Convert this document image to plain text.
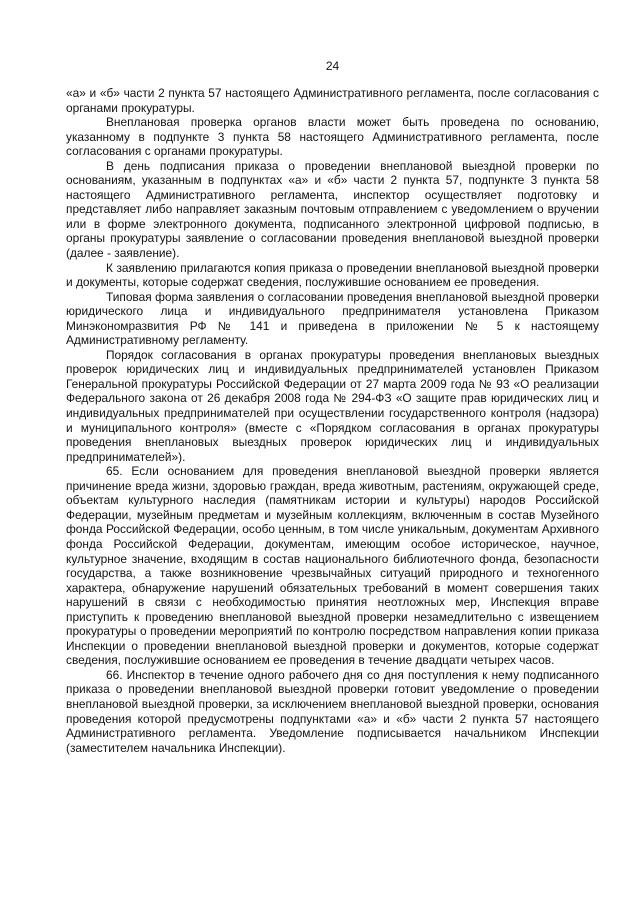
24

«а» и «б» части 2 пункта 57 настоящего Административного регламента, после согласования с органами прокуратуры.

Внеплановая проверка органов власти может быть проведена по основанию, указанному в подпункте 3 пункта 58 настоящего Административного регламента, после согласования с органами прокуратуры.

В день подписания приказа о проведении внеплановой выездной проверки по основаниям, указанным в подпунктах «а» и «б» части 2 пункта 57, подпункте 3 пункта 58 настоящего Административного регламента, инспектор осуществляет подготовку и представляет либо направляет заказным почтовым отправлением с уведомлением о вручении или в форме электронного документа, подписанного электронной цифровой подписью, в органы прокуратуры заявление о согласовании проведения внеплановой выездной проверки (далее - заявление).

К заявлению прилагаются копия приказа о проведении внеплановой выездной проверки и документы, которые содержат сведения, послужившие основанием ее проведения.

Типовая форма заявления о согласовании проведения внеплановой выездной проверки юридического лица и индивидуального предпринимателя установлена Приказом Минэкономразвития РФ № 141 и приведена в приложении № 5 к настоящему Административному регламенту.

Порядок согласования в органах прокуратуры проведения внеплановых выездных проверок юридических лиц и индивидуальных предпринимателей установлен Приказом Генеральной прокуратуры Российской Федерации от 27 марта 2009 года № 93 «О реализации Федерального закона от 26 декабря 2008 года № 294-ФЗ «О защите прав юридических лиц и индивидуальных предпринимателей при осуществлении государственного контроля (надзора) и муниципального контроля» (вместе с «Порядком согласования в органах прокуратуры проведения внеплановых выездных проверок юридических лиц и индивидуальных предпринимателей»).

65. Если основанием для проведения внеплановой выездной проверки является причинение вреда жизни, здоровью граждан, вреда животным, растениям, окружающей среде, объектам культурного наследия (памятникам истории и культуры) народов Российской Федерации, музейным предметам и музейным коллекциям, включенным в состав Музейного фонда Российской Федерации, особо ценным, в том числе уникальным, документам Архивного фонда Российской Федерации, документам, имеющим особое историческое, научное, культурное значение, входящим в состав национального библиотечного фонда, безопасности государства, а также возникновение чрезвычайных ситуаций природного и техногенного характера, обнаружение нарушений обязательных требований в момент совершения таких нарушений в связи с необходимостью принятия неотложных мер, Инспекция вправе приступить к проведению внеплановой выездной проверки незамедлительно с извещением прокуратуры о проведении мероприятий по контролю посредством направления копии приказа Инспекции о проведении внеплановой выездной проверки и документов, которые содержат сведения, послужившие основанием ее проведения в течение двадцати четырех часов.

66. Инспектор в течение одного рабочего дня со дня поступления к нему подписанного приказа о проведении внеплановой выездной проверки готовит уведомление о проведении внеплановой выездной проверки, за исключением внеплановой выездной проверки, основания проведения которой предусмотрены подпунктами «а» и «б» части 2 пункта 57 настоящего Административного регламента. Уведомление подписывается начальником Инспекции (заместителем начальника Инспекции).
